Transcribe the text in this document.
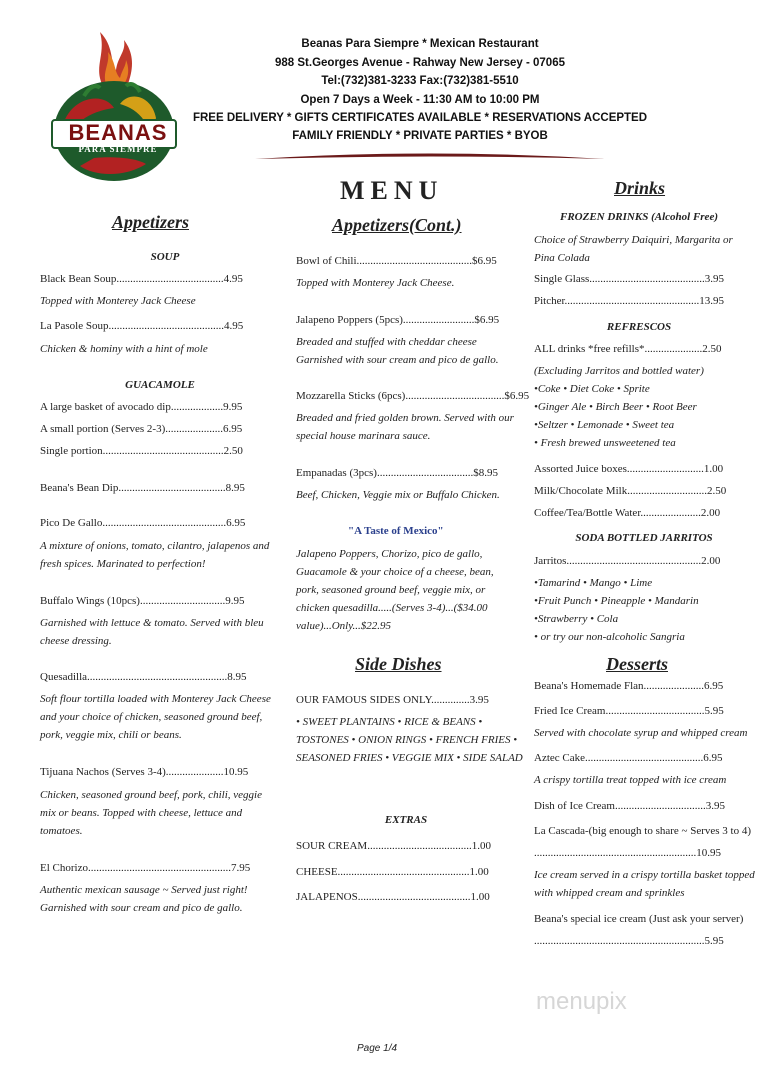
BEANAS
PARA SIEMPRE
Beanas Para Siempre * Mexican Restaurant
988 St.Georges Avenue - Rahway New Jersey - 07065
Tel:(732)381-3233 Fax:(732)381-5510
Open 7 Days a Week - 11:30 AM to 10:00 PM
FREE DELIVERY * GIFTS CERTIFICATES AVAILABLE * RESERVATIONS ACCEPTED
FAMILY FRIENDLY * PRIVATE PARTIES * BYOB
MENU
Appetizers
SOUP
Black Bean Soup.......................................4.95
Topped with Monterey Jack Cheese
La Pasole Soup..........................................4.95
Chicken & hominy with a hint of mole
GUACAMOLE
A large basket of avocado dip...................9.95
A small portion (Serves 2-3).....................6.95
Single portion............................................2.50
Beana's Bean Dip.......................................8.95
Pico De Gallo.............................................6.95
A mixture of onions, tomato, cilantro, jalapenos and fresh spices. Marinated to perfection!
Buffalo Wings (10pcs)...............................9.95
Garnished with lettuce & tomato. Served with bleu cheese dressing.
Quesadilla...................................................8.95
Soft flour tortilla loaded with Monterey Jack Cheese and your choice of chicken, seasoned ground beef, pork, veggie mix, chili or beans.
Tijuana Nachos (Serves 3-4).....................10.95
Chicken, seasoned ground beef, pork, chili, veggie mix or beans. Topped with cheese, lettuce and tomatoes.
El Chorizo....................................................7.95
Authentic mexican sausage ~ Served just right! Garnished with sour cream and pico de gallo.
Appetizers(Cont.)
Bowl of Chili..........................................$6.95
Topped with Monterey Jack Cheese.
Jalapeno Poppers (5pcs)..........................$6.95
Breaded and stuffed with cheddar cheese Garnished with sour cream and pico de gallo.
Mozzarella Sticks (6pcs)....................................$6.95
Breaded and fried golden brown. Served with our special house marinara sauce.
Empanadas (3pcs)...................................$8.95
Beef, Chicken, Veggie mix or Buffalo Chicken.
"A Taste of Mexico"
Jalapeno Poppers, Chorizo, pico de gallo, Guacamole & your choice of a cheese, bean, pork, seasoned ground beef, veggie mix, or chicken quesadilla.....(Serves 3-4)...($34.00 value)...Only...$22.95
Side Dishes
OUR FAMOUS SIDES ONLY..............3.95
• SWEET PLANTAINS • RICE & BEANS • TOSTONES • ONION RINGS • FRENCH FRIES • SEASONED FRIES • VEGGIE MIX • SIDE SALAD
EXTRAS
SOUR CREAM......................................1.00
CHEESE................................................1.00
JALAPENOS.........................................1.00
Drinks
FROZEN DRINKS (Alcohol Free)
Choice of Strawberry Daiquiri, Margarita or Pina Colada
Single Glass..........................................3.95
Pitcher.................................................13.95
REFRESCOS
ALL drinks *free refills*.....................2.50
(Excluding Jarritos and bottled water)
•Coke • Diet Coke • Sprite
•Ginger Ale • Birch Beer • Root Beer
•Seltzer • Lemonade • Sweet tea
• Fresh brewed unsweetened tea
Assorted Juice boxes............................1.00
Milk/Chocolate Milk.............................2.50
Coffee/Tea/Bottle Water......................2.00
SODA BOTTLED JARRITOS
Jarritos.................................................2.00
•Tamarind • Mango • Lime
•Fruit Punch • Pineapple • Mandarin
•Strawberry • Cola
• or try our non-alcoholic Sangria
Desserts
Beana's Homemade Flan......................6.95
Fried Ice Cream....................................5.95
Served with chocolate syrup and whipped cream
Aztec Cake...........................................6.95
A crispy tortilla treat topped with ice cream
Dish of Ice Cream.................................3.95
La Cascada-(big enough to share ~ Serves 3 to 4)
...........................................................10.95
Ice cream served in a crispy tortilla basket topped with whipped cream and sprinkles
Beana's special ice cream (Just ask your server)
..............................................................5.95
menupix
Page 1/4
